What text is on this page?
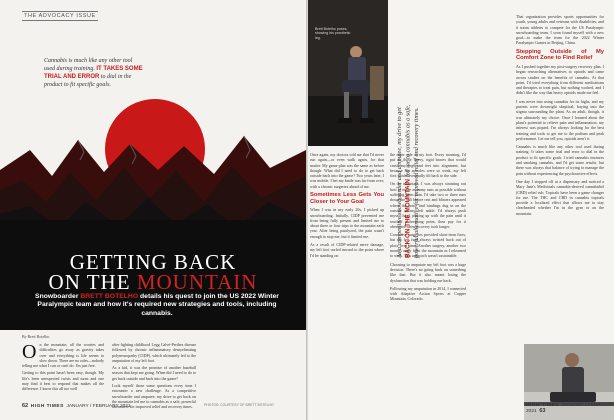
THE ADVOCACY ISSUE
Cannabis is much like any other tool used during training. IT TAKES SOME TRIAL AND ERROR to dial in the product to fit specific goals.
GETTING BACK
ON THE MOUNTAIN
Snowboarder BRETT BOTELHO details his quest to join the US 2022 Winter Paralympic team and how it's required new strategies and tools, including cannabis.
By Brett Botelho
O n the mountain, all the worries and difficulties go away as gravity takes over and everything is life seems to slow down. There are no rules—nobody telling me what I can or can't do. I'm just free.
Getting to this point hasn't been easy, though. My life's been unexpected twists and turns and one may find it best to respond that makes all the difference. I know this all too well
after fighting childhood Legg Calvé-Perthes disease followed by chronic inflammatory demyelinating polyneuropathy (CIDP), which ultimately led to the amputation of my left foot.
As a kid, it was the promise of another baseball season that kept me going. When did I need to do to get back outside and back into the game?
Look myself those same questions every time I encounter a new challenge. As a competitive snowboarder and amputee, my drive to get back on the mountain led me to cannabis as a safe, powerful alternative for improved relief and recovery times.
62 HIGH TIMES JANUARY / FEBRUARY 2021	PHOTOS: COURTESY OF BRETT BOTELHO
Brett Botelho poses, showing his prosthetic leg.
As a competitive snowboarder and amputee, my drive to get BACK ON THE MOUNTAINled me to cannabis as a safe, powerful alternative for improved relief and recovery times.
Once again, my doctors told me that I'd never run again—or even walk again, for that matter. My game plan was the same as before though: What did I need to do to get back outside back into the game? Two years later, I was mobile. I bet my battle was far from over, with a chronic surgeries ahead of me.
Sometimes Less Gets You Closer to Your Goal
When I was in my early 20s, I picked up snowboarding. Initially, CIDP prevented me from being fully present and limited me to about three or four trips to the mountain each year. After being paralyzed, the pain wasn't enough to stop me, but it limited me.
As a result of CIDP-related nerve damage, my left foot curled inward to the point where I'd be standing on
the outer side of my foot. Every morning, I'd put on those heavy, rigid braces that would crush my legs and feet into alignment, but because my muscles were so weak, my left foot would eventually tilt back to the side.
On the mountain, I was always straining out how to make as many runs as possible without suffering from pain. I'd take two or three runs down the hill before rest and blisters appeared where the brace and bindings dug in on the outside of my left ankle. I'd always push myself hard, putting up with the pain until it reached a breaking point, then pay for it afterward when recovery took longer.
Corrective surgeries provided short-term fixes, but my left foot always twisted back out of place over time. Another surgery, another two months away from the mountain as I relearned to walk. This approach wasn't sustainable.
Choosing to amputate my left foot was a huge decision. There's no going back on something like that. But it also meant losing the dysfunction that was holding me back.
Following my amputation in 2014, I connected with Adaptive Action Sports at Copper Mountain, Colorado.
That organization provides sports opportunities for youth, young adults and veterans with disabilities, and it trains athletes to compete for the US Paralympic snowboarding team. I soon found myself with a new goal—to make the team for the 2022 Winter Paralympic Games in Beijing, China.
Stepping Outside of My Comfort Zone to Find Relief
As I pushed together my post-surgery recovery plan, I began researching alternatives to opioids and came across studies on the benefits of cannabis. At that point, I'd tried everything from different medications and therapies to treat pain, but nothing worked, and I didn't like the way that heavy opioids made me feel.
I was never into using cannabis for its highs, and my parents were downright skeptical, buying into the stigma surrounding the plant. As an adult, though, it was ultimately my choice. Once I learned about the plant's potential to relieve pain and inflammation, my interest was piqued. I'm always looking for the best training and tools to get me to the podium and peak performance. Let me tell you, opioids aren't it.
Cannabis is much like any other tool used during training. It takes some trial and error to dial in the product to fit specific goals. I tried cannabis tinctures and smoking cannabis, and I'd get some results, but there was always that balance of trying to manage the pain without experiencing the psychoactive effects.
One day I stopped off at a dispensary and noticed a Mary Jane's Medicinals cannabis-derived cannabidiol (CBD) relief rub. Topicals have been a game changer for me. The THC and CBD in cannabis topicals provide a localized effect that allows me to stay clearheaded whether I'm in the gym or on the mountain.
HIGH TIMES JANUARY / FEBRUARY 2021 63
